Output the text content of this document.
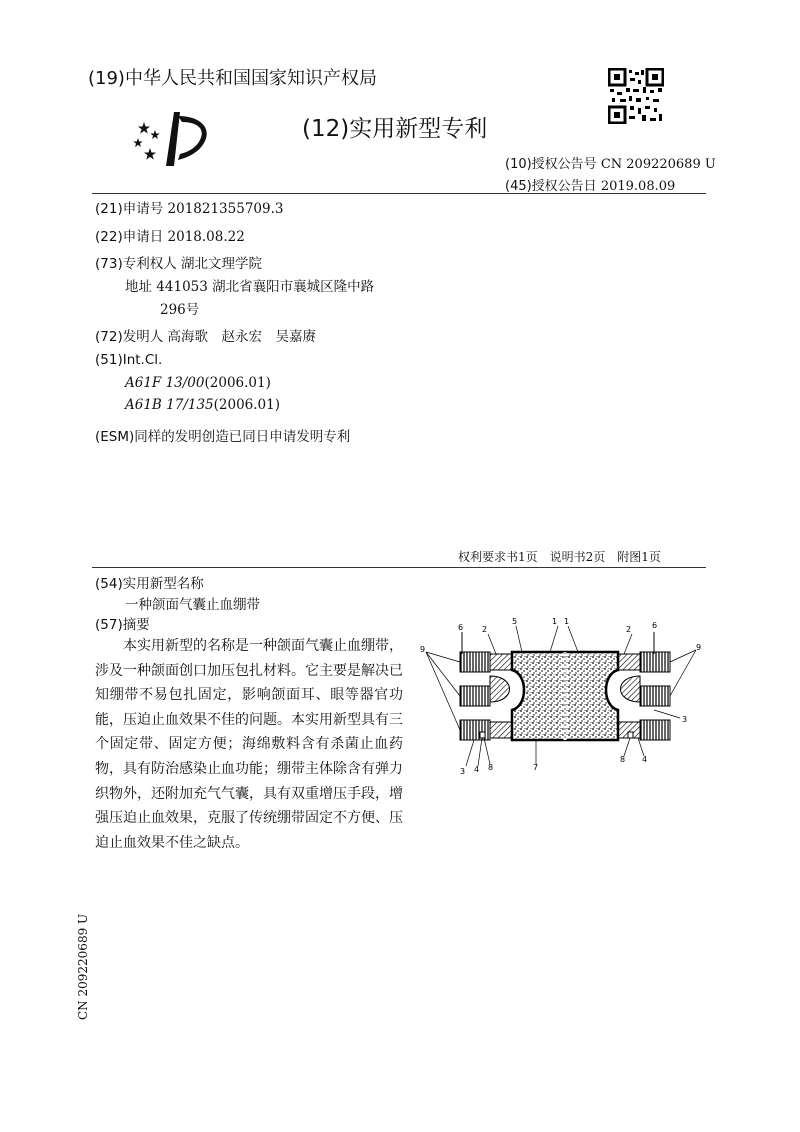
(19)中华人民共和国国家知识产权局
(12)实用新型专利
(10)授权公告号 CN 209220689 U
(45)授权公告日 2019.08.09
(21)申请号 201821355709.3
(22)申请日 2018.08.22
(73)专利权人 湖北文理学院
地址 441053 湖北省襄阳市襄城区隆中路
296号
(72)发明人 高海歌　赵永宏　吴嘉赓
(51)Int.Cl.
A61F 13/00(2006.01)
A61B 17/135(2006.01)
(ESM)同样的发明创造已同日申请发明专利
权利要求书1页　说明书2页　附图1页
(54)实用新型名称
一种颌面气囊止血绷带
(57)摘要

本实用新型的名称是一种颌面气囊止血绷带，涉及一种颌面创口加压包扎材料。它主要是解决已知绷带不易包扎固定，影响颌面耳、眼等器官功能，压迫止血效果不佳的问题。本实用新型具有三个固定带、固定方便；海绵敷料含有杀菌止血药物，具有防治感染止血功能；绷带主体除含有弹力织物外，还附加充气气囊，具有双重增压手段，增强压迫止血效果，克服了传统绷带固定不方便、压迫止血效果不佳之缺点。

6 2
5	1 1
2	6
9	9
3
3 4 8	7
8 4
CN 209220689 U
